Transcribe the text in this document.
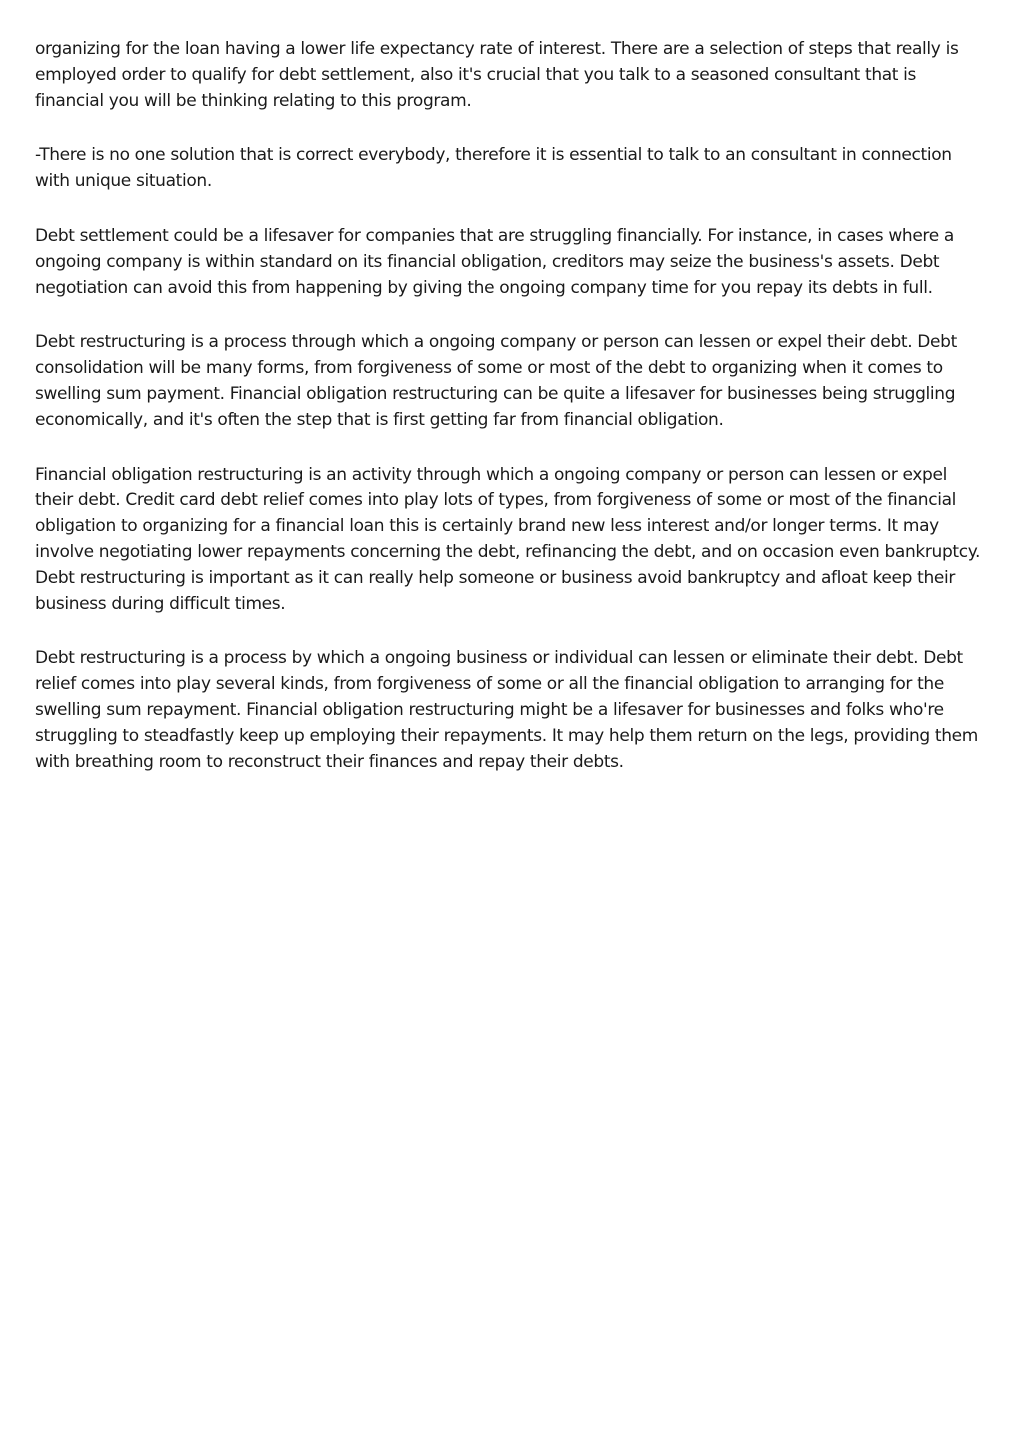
organizing for the loan having a lower life expectancy rate of interest. There are a selection of steps that really is employed order to qualify for debt settlement, also it's crucial that you talk to a seasoned consultant that is financial you will be thinking relating to this program.

-There is no one solution that is correct everybody, therefore it is essential to talk to an consultant in connection with unique situation.

Debt settlement could be a lifesaver for companies that are struggling financially. For instance, in cases where a ongoing company is within standard on its financial obligation, creditors may seize the business's assets. Debt negotiation can avoid this from happening by giving the ongoing company time for you repay its debts in full.

Debt restructuring is a process through which a ongoing company or person can lessen or expel their debt. Debt consolidation will be many forms, from forgiveness of some or most of the debt to organizing when it comes to swelling sum payment. Financial obligation restructuring can be quite a lifesaver for businesses being struggling economically, and it's often the step that is first getting far from financial obligation.

Financial obligation restructuring is an activity through which a ongoing company or person can lessen or expel their debt. Credit card debt relief comes into play lots of types, from forgiveness of some or most of the financial obligation to organizing for a financial loan this is certainly brand new less interest and/or longer terms. It may involve negotiating lower repayments concerning the debt, refinancing the debt, and on occasion even bankruptcy. Debt restructuring is important as it can really help someone or business avoid bankruptcy and afloat keep their business during difficult times.

Debt restructuring is a process by which a ongoing business or individual can lessen or eliminate their debt. Debt relief comes into play several kinds, from forgiveness of some or all the financial obligation to arranging for the swelling sum repayment. Financial obligation restructuring might be a lifesaver for businesses and folks who're struggling to steadfastly keep up employing their repayments. It may help them return on the legs, providing them with breathing room to reconstruct their finances and repay their debts.
